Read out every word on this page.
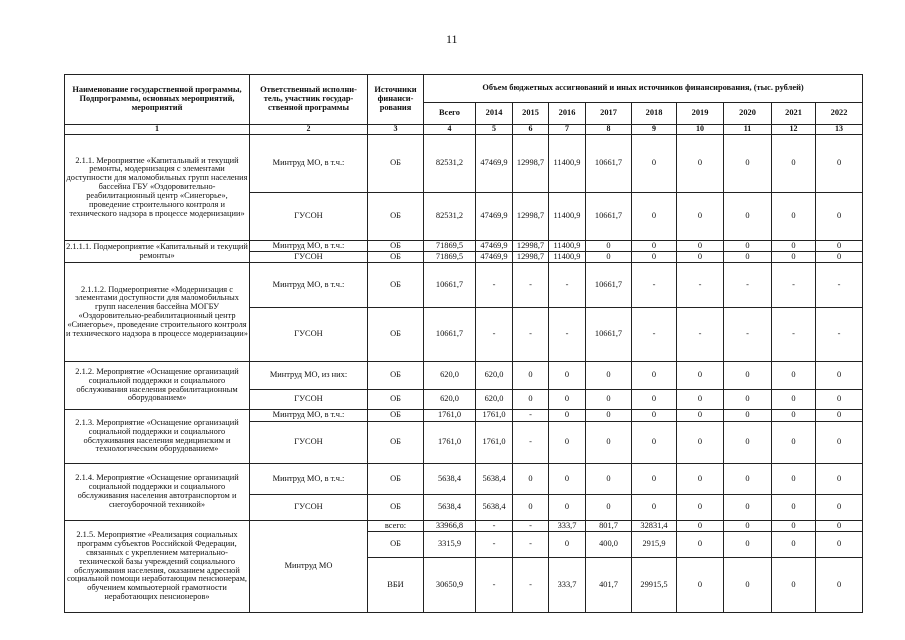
11
Наименование государственной программы, Подпрограммы, основных мероприятий, мероприятий	Ответственный исполни-тель, участник государ-ственной программы	Источники финанси-рования	Объем бюджетных ассигнований и иных источников финансирования, (тыс. рублей)									
			Всего	2014	2015	2016	2017	2018	2019	2020	2021	2022
1	2	3	4	5	6	7	8	9	10	11	12	13
2.1.1. Мероприятие «Капитальный и текущий ремонты, модернизация с элементами доступности для маломобильных групп населения бассейна ГБУ «Оздоровительно-реабилитационный центр «Синегорье», проведение строительного контроля и технического надзора в процессе модернизации»	Минтруд МО, в т.ч.:	ОБ	82531,2	47469,9	12998,7	11400,9	10661,7	0	0	0	0	0
	ГУСОН	ОБ	82531,2	47469,9	12998,7	11400,9	10661,7	0	0	0	0	0
2.1.1.1. Подмероприятие «Капитальный и текущий ремонты»	Минтруд МО, в т.ч.:	ОБ	71869,5	47469,9	12998,7	11400,9	0	0	0	0	0	0
	ГУСОН	ОБ	71869,5	47469,9	12998,7	11400,9	0	0	0	0	0	0
2.1.1.2. Подмероприятие «Модернизация с элементами доступности для маломобильных групп населения бассейна МОГБУ «Оздоровительно-реабилитационный центр «Синегорье», проведение строительного контроля и технического надзора в процессе модернизации»	Минтруд МО, в т.ч.:	ОБ	10661,7	-	-	-	10661,7	-	-	-	-	-
	ГУСОН	ОБ	10661,7	-	-	-	10661,7	-	-	-	-	-
2.1.2. Мероприятие «Оснащение организаций социальной поддержки и социального обслуживания населения реабилитационным оборудованием»	Минтруд МО, из них:	ОБ	620,0	620,0	0	0	0	0	0	0	0	0
	ГУСОН	ОБ	620,0	620,0	0	0	0	0	0	0	0	0
2.1.3. Мероприятие «Оснащение организаций социальной поддержки и социального обслуживания населения медицинским и технологическим оборудованием»	Минтруд МО, в т.ч.:	ОБ	1761,0	1761,0	-	0	0	0	0	0	0	0
	ГУСОН	ОБ	1761,0	1761,0	-	0	0	0	0	0	0	0
2.1.4. Мероприятие «Оснащение организаций социальной поддержки и социального обслуживания населения автотранспортом и снегоуборочной техникой»	Минтруд МО, в т.ч.:	ОБ	5638,4	5638,4	0	0	0	0	0	0	0	0
	ГУСОН	ОБ	5638,4	5638,4	0	0	0	0	0	0	0	0
2.1.5. Мероприятие «Реализация социальных программ субъектов Российской Федерации, связанных с укреплением материально-технической базы учреждений социального обслуживания населения, оказанием адресной социальной помощи неработающим пенсионерам, обучением компьютерной грамотности неработающих пенсионеров»	Минтруд МО	всего:	33966,8	-	-	333,7	801,7	32831,4	0	0	0	0
		ОБ	3315,9	-	-	0	400,0	2915,9	0	0	0	0
		ВБИ	30650,9	-	-	333,7	401,7	29915,5	0	0	0	0
